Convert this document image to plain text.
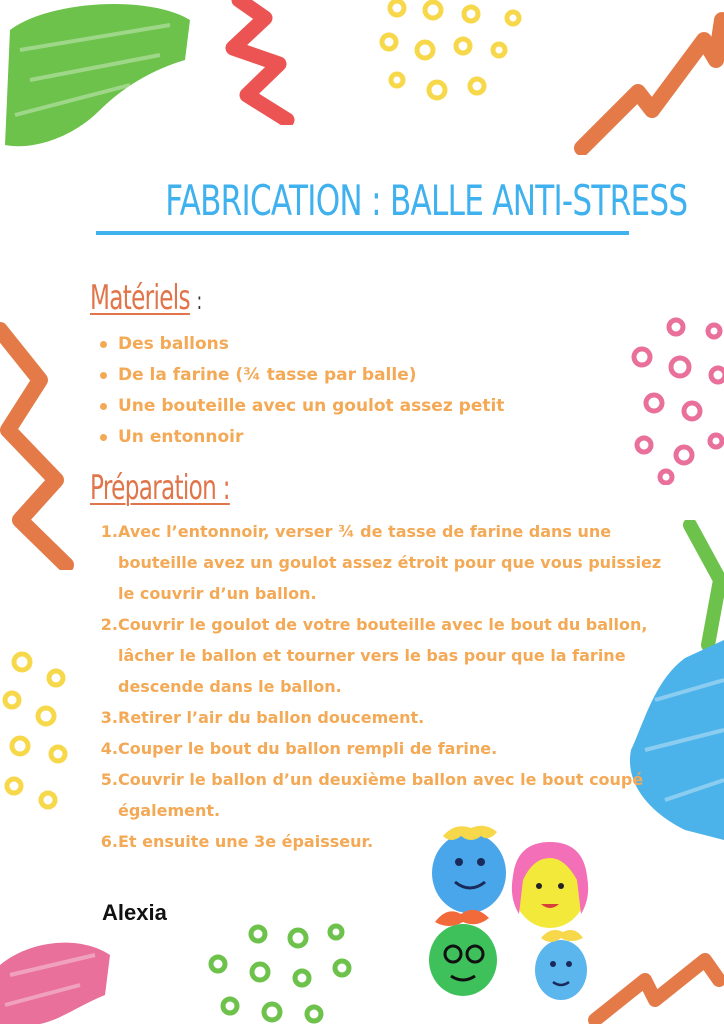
FABRICATION : BALLE ANTI-STRESS
Matériels :
Des ballons
De la farine (¾ tasse par balle)
Une bouteille avec un goulot assez petit
Un entonnoir
Préparation :
1. Avec l’entonnoir, verser ¾ de tasse de farine dans une bouteille avez un goulot assez étroit pour que vous puissiez le couvrir d’un ballon.
2. Couvrir le goulot de votre bouteille avec le bout du ballon, lâcher le ballon et tourner vers le bas pour que la farine descende dans le ballon.
3. Retirer l’air du ballon doucement.
4. Couper le bout du ballon rempli de farine.
5. Couvrir le ballon d’un deuxième ballon avec le bout coupé également.
6. Et ensuite une 3e épaisseur.

Alexia
